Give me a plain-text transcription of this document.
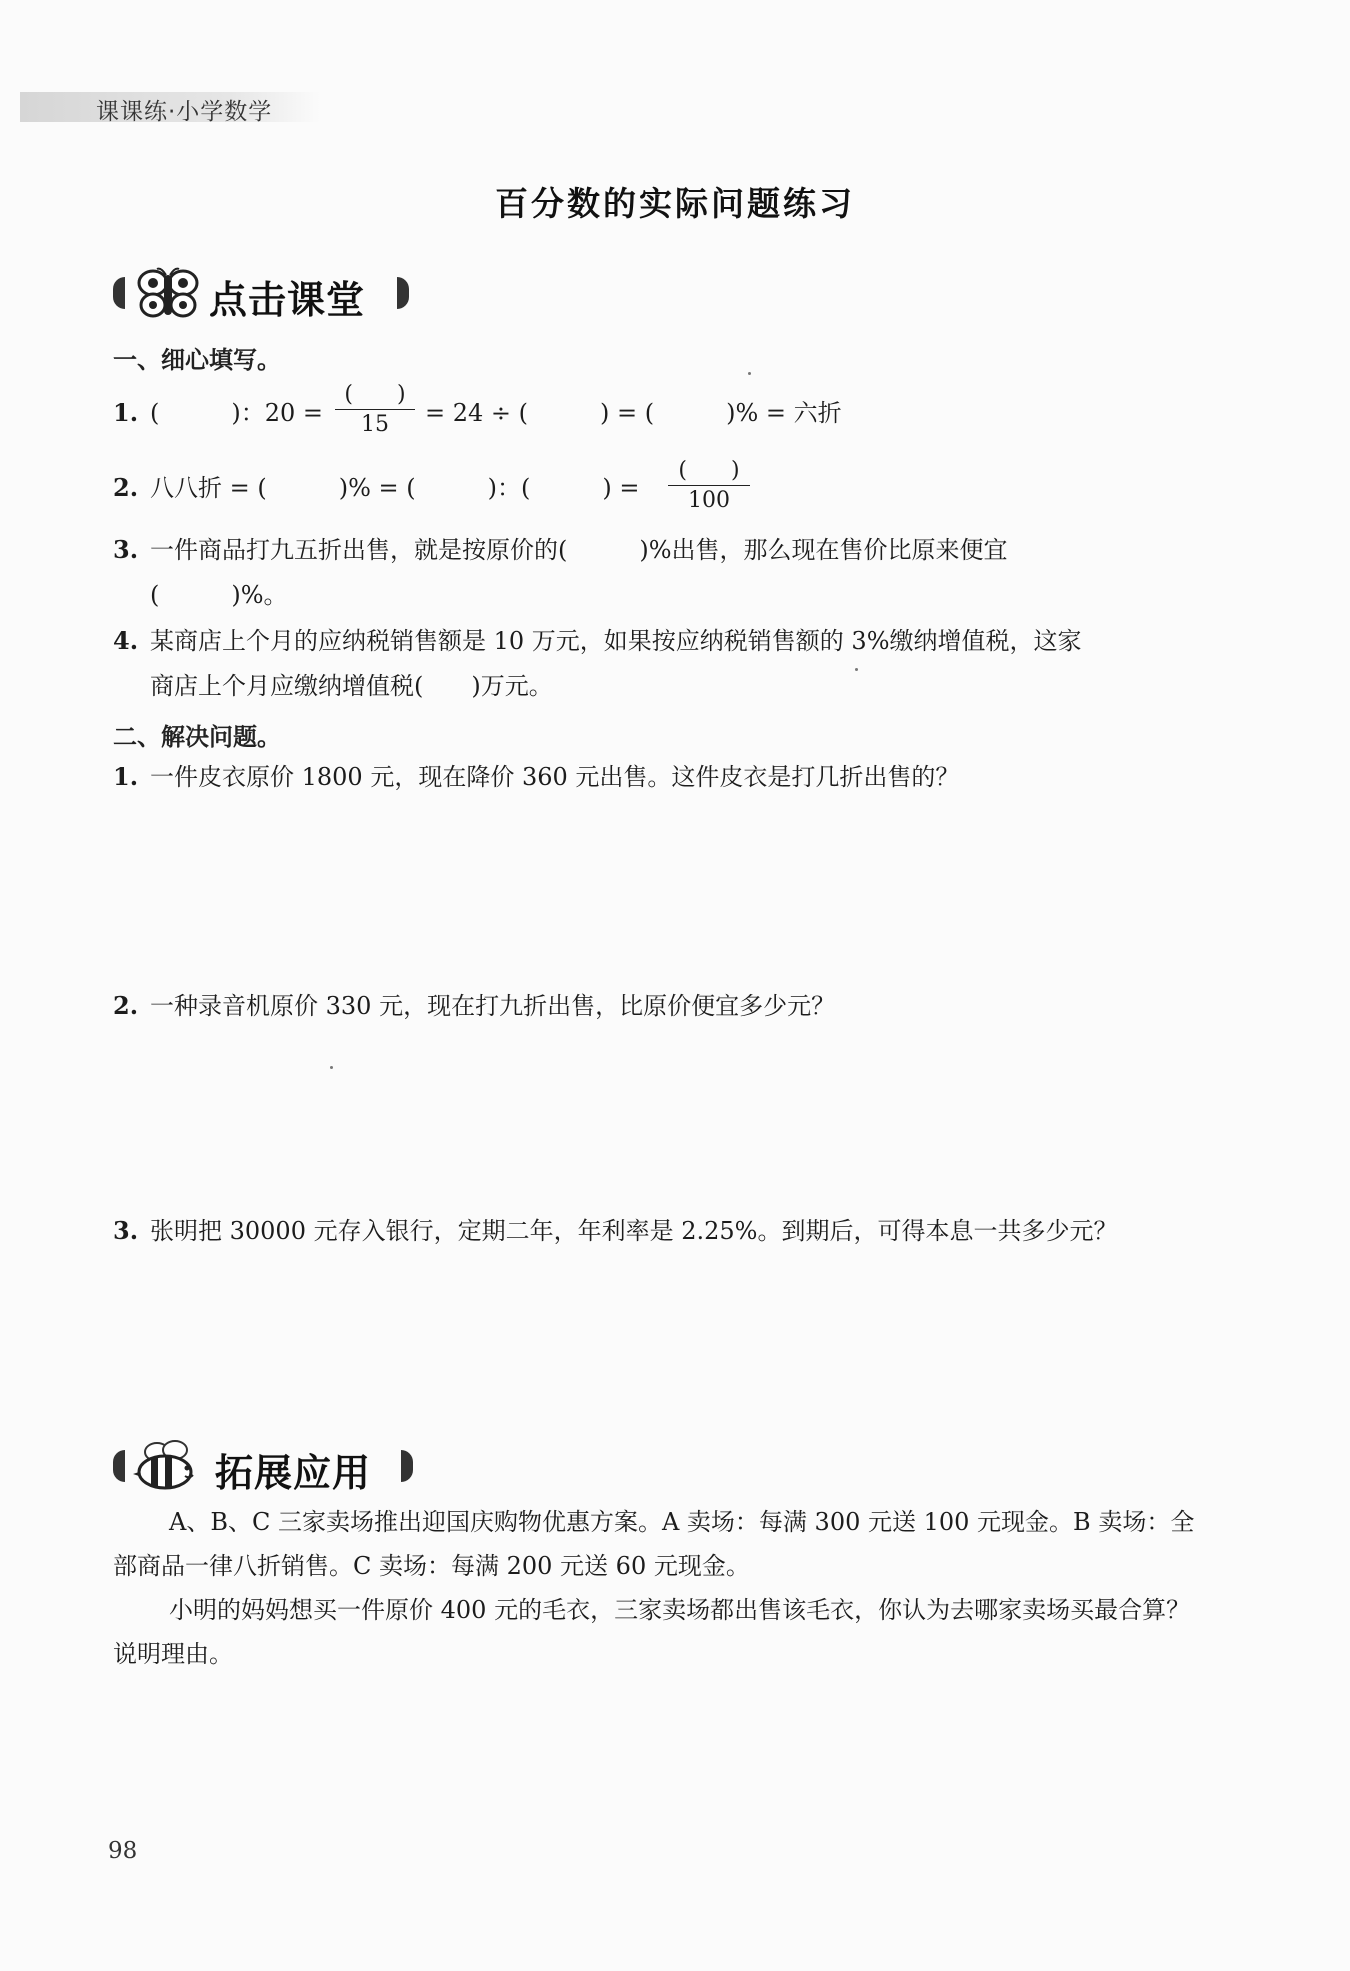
课课练·小学数学
百分数的实际问题练习
点击课堂
一、细心填写。
1. (　　　)：20 =
(　　)
15	= 24 ÷ (　　　) = (　　　)% = 六折
2. 八八折 = (　　　)% = (　　　)：(　　　) =
(　　)
100
3. 一件商品打九五折出售，就是按原价的(　　　)%出售，那么现在售价比原来便宜
(　　　)%。
4. 某商店上个月的应纳税销售额是 10 万元，如果按应纳税销售额的 3%缴纳增值税，这家
商店上个月应缴纳增值税(　　)万元。
二、解决问题。
1. 一件皮衣原价 1800 元，现在降价 360 元出售。这件皮衣是打几折出售的？
2. 一种录音机原价 330 元，现在打九折出售，比原价便宜多少元？
3. 张明把 30000 元存入银行，定期二年，年利率是 2.25%。到期后，可得本息一共多少元？
拓展应用
A、B、C 三家卖场推出迎国庆购物优惠方案。A 卖场：每满 300 元送 100 元现金。B 卖场：全部商品一律八折销售。C 卖场：每满 200 元送 60 元现金。
小明的妈妈想买一件原价 400 元的毛衣，三家卖场都出售该毛衣，你认为去哪家卖场买最合算？说明理由。
98
